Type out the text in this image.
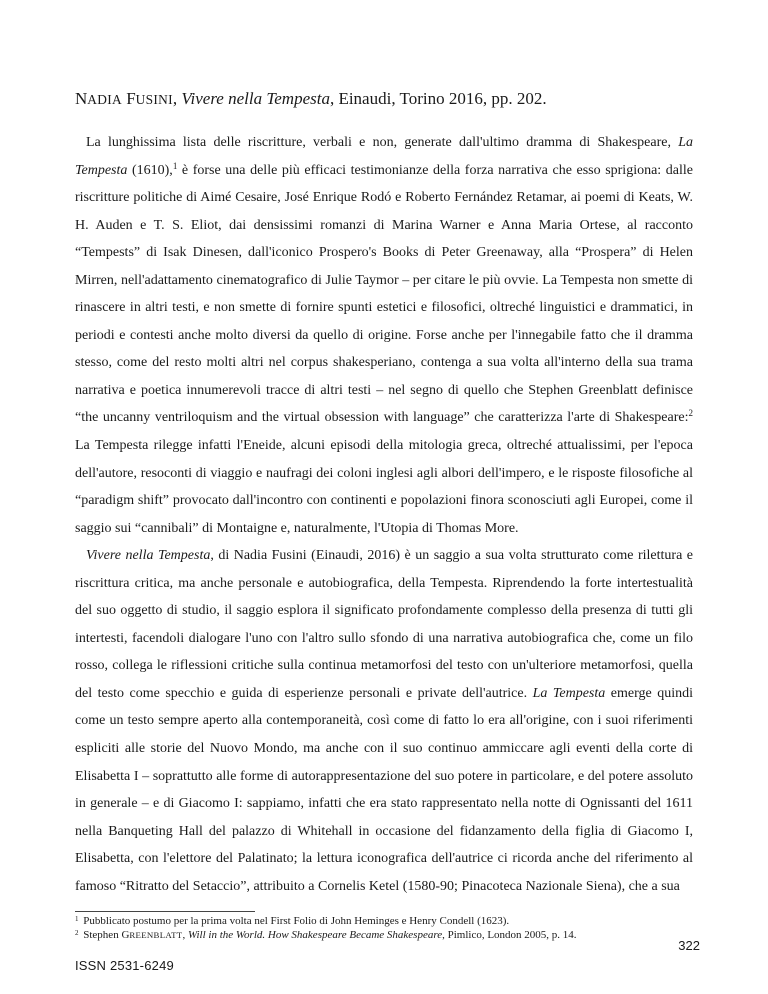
NADIA FUSINI, Vivere nella Tempesta, Einaudi, Torino 2016, pp. 202.

La lunghissima lista delle riscritture, verbali e non, generate dall'ultimo dramma di Shakespeare, La Tempesta (1610),$^1$ è forse una delle più efficaci testimonianze della forza narrativa che esso sprigiona: dalle riscritture politiche di Aimé Cesaire, José Enrique Rodó e Roberto Fernández Retamar, ai poemi di Keats, W. H. Auden e T. S. Eliot, dai densissimi romanzi di Marina Warner e Anna Maria Ortese, al racconto “Tempests” di Isak Dinesen, dall'iconico Prospero's Books di Peter Greenaway, alla “Prospera” di Helen Mirren, nell'adattamento cinematografico di Julie Taymor – per citare le più ovvie. La Tempesta non smette di rinascere in altri testi, e non smette di fornire spunti estetici e filosofici, oltreché linguistici e drammatici, in periodi e contesti anche molto diversi da quello di origine. Forse anche per l'innegabile fatto che il dramma stesso, come del resto molti altri nel corpus shakesperiano, contenga a sua volta all'interno della sua trama narrativa e poetica innumerevoli tracce di altri testi – nel segno di quello che Stephen Greenblatt definisce “the uncanny ventriloquism and the virtual obsession with language” che caratterizza l'arte di Shakespeare:$^2$ La Tempesta rilegge infatti l'Eneide, alcuni episodi della mitologia greca, oltreché attualissimi, per l'epoca dell'autore, resoconti di viaggio e naufragi dei coloni inglesi agli albori dell'impero, e le risposte filosofiche al “paradigm shift” provocato dall'incontro con continenti e popolazioni finora sconosciuti agli Europei, come il saggio sui “cannibali” di Montaigne e, naturalmente, l'Utopia di Thomas More.

Vivere nella Tempesta, di Nadia Fusini (Einaudi, 2016) è un saggio a sua volta strutturato come rilettura e riscrittura critica, ma anche personale e autobiografica, della Tempesta. Riprendendo la forte intertestualità del suo oggetto di studio, il saggio esplora il significato profondamente complesso della presenza di tutti gli intertesti, facendoli dialogare l'uno con l'altro sullo sfondo di una narrativa autobiografica che, come un filo rosso, collega le riflessioni critiche sulla continua metamorfosi del testo con un'ulteriore metamorfosi, quella del testo come specchio e guida di esperienze personali e private dell'autrice. La Tempesta emerge quindi come un testo sempre aperto alla contemporaneità, così come di fatto lo era all'origine, con i suoi riferimenti espliciti alle storie del Nuovo Mondo, ma anche con il suo continuo ammiccare agli eventi della corte di Elisabetta I – soprattutto alle forme di autorappresentazione del suo potere in particolare, e del potere assoluto in generale – e di Giacomo I: sappiamo, infatti che era stato rappresentato nella notte di Ognissanti del 1611 nella Banqueting Hall del palazzo di Whitehall in occasione del fidanzamento della figlia di Giacomo I, Elisabetta, con l'elettore del Palatinato; la lettura iconografica dell'autrice ci ricorda anche del riferimento al famoso “Ritratto del Setaccio”, attribuito a Cornelis Ketel (1580-90; Pinacoteca Nazionale Siena), che a sua

$^1$ Pubblicato postumo per la prima volta nel First Folio di John Heminges e Henry Condell (1623).
$^2$ Stephen GREENBLATT, Will in the World. How Shakespeare Became Shakespeare, Pimlico, London 2005, p. 14.
322
ISSN 2531-6249
